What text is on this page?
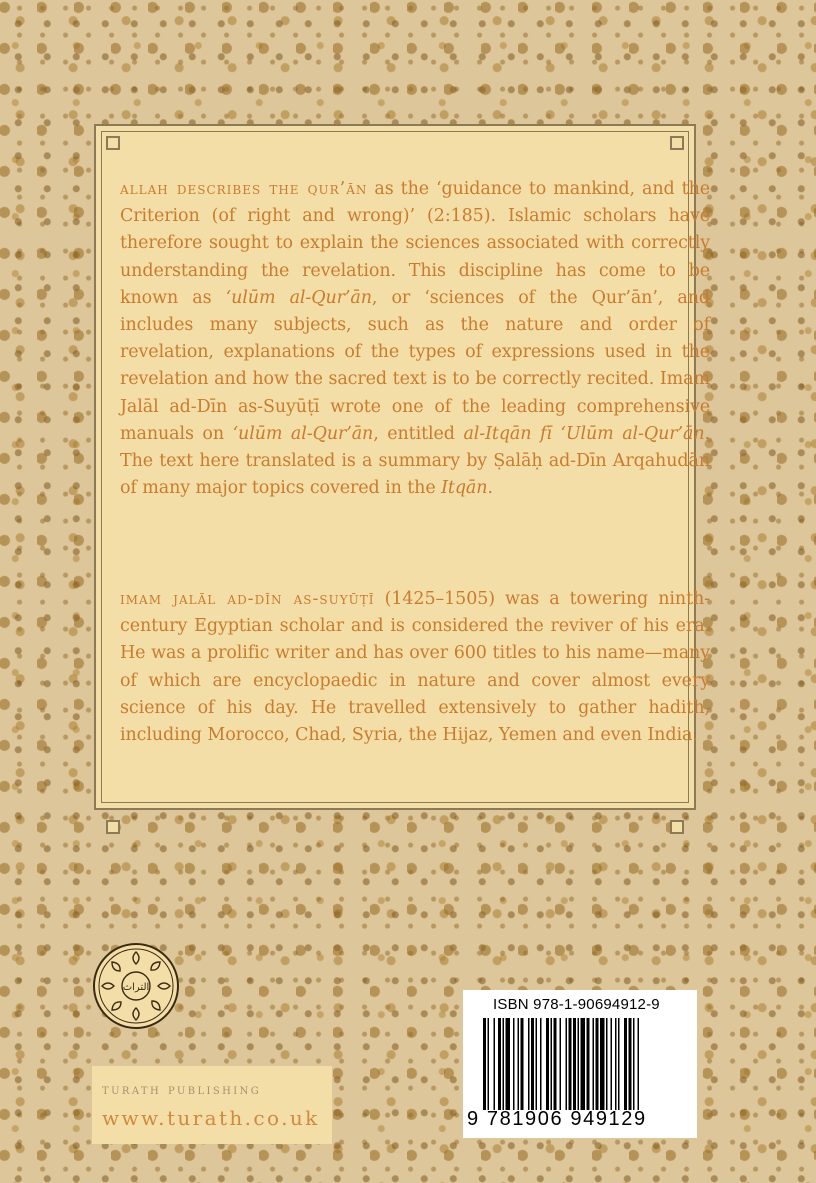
allah describes the qur’ān as the ‘guidance to mankind, and the Criterion (of right and wrong)’ (2:185). Islamic scholars have therefore sought to explain the sciences associated with correctly understanding the revelation. This discipline has come to be known as ‘ulūm al-Qur’ān, or ‘sciences of the Qur’ān’, and includes many subjects, such as the nature and order of revelation, explanations of the types of expressions used in the revelation and how the sacred text is to be correctly recited. Imam Jalāl ad-Dīn as-Suyūṭī wrote one of the leading comprehensive manuals on ‘ulūm al-Qur’ān, entitled al-Itqān fī ‘Ulūm al-Qur’ān. The text here translated is a summary by Ṣalāḥ ad-Dīn Arqahudān of many major topics covered in the Itqān.

imam jalāl ad-dīn as-suyūṭī (1425–1505) was a towering ninth-century Egyptian scholar and is considered the reviver of his era. He was a prolific writer and has over 600 titles to his name—many of which are encyclopaedic in nature and cover almost every science of his day. He travelled extensively to gather hadith, including Morocco, Chad, Syria, the Hijaz, Yemen and even India.

التراث
turath publishing
www.turath.co.uk
ISBN 978-1-90694912-9
9 781906 949129
